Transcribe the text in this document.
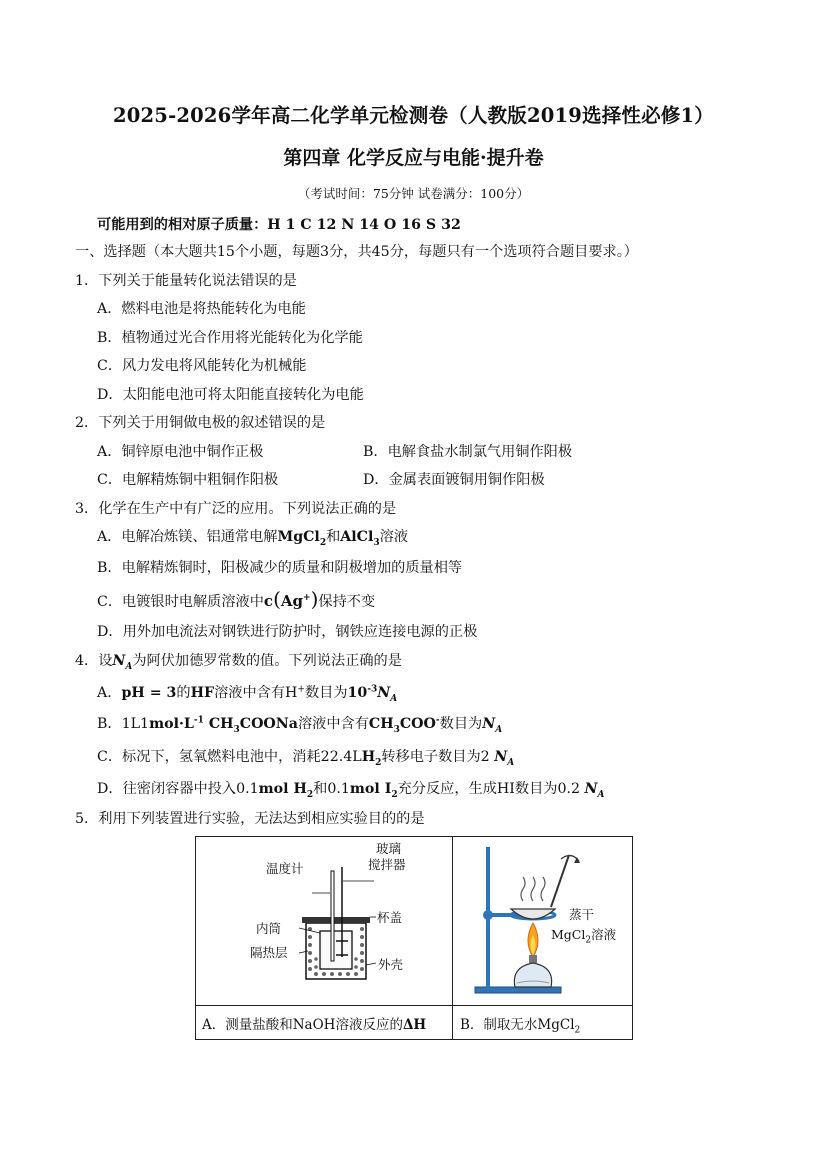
2025-2026学年高二化学单元检测卷（人教版2019选择性必修1）
第四章 化学反应与电能·提升卷
（考试时间：75分钟 试卷满分：100分）
可能用到的相对原子质量：H 1 C 12 N 14 O 16 S 32
一、选择题（本大题共15个小题，每题3分，共45分，每题只有一个选项符合题目要求。）
1．下列关于能量转化说法错误的是
A．燃料电池是将热能转化为电能
B．植物通过光合作用将光能转化为化学能
C．风力发电将风能转化为机械能
D．太阳能电池可将太阳能直接转化为电能
2．下列关于用铜做电极的叙述错误的是
A．铜锌原电池中铜作正极	B．电解食盐水制氯气用铜作阳极
C．电解精炼铜中粗铜作阳极	D．金属表面镀铜用铜作阳极
3．化学在生产中有广泛的应用。下列说法正确的是
A．电解冶炼镁、铝通常电解MgCl$_2$和AlCl$_3$溶液
B．电解精炼铜时，阳极减少的质量和阴极增加的质量相等
C．电镀银时电解质溶液中c(Ag+)保持不变
D．用外加电流法对钢铁进行防护时，钢铁应连接电源的正极
4．设$N_A$为阿伏加德罗常数的值。下列说法正确的是
A．pH = 3的HF溶液中含有H+数目为$10^{-3}N_A$
B．$1L1mol\cdot L^{-1}$ $CH_3COONa$溶液中含有$CH_3COO^-$数目为$N_A$
C．标况下，氢氧燃料电池中，消耗$22.4LH_2$转移电子数目为2 $N_A$
D．往密闭容器中投入0.1mol $H_2$和0.1mol $I_2$充分反应，生成HI数目为0.2 $N_A$
5．利用下列装置进行实验，无法达到相应实验目的的是
玻璃
搅拌器
温度计
杯盖
内筒
隔热层
外壳
蒸干
MgCl$_2$溶液
A．测量盐酸和NaOH溶液反应的ΔH	B．制取无水MgCl$_2$
